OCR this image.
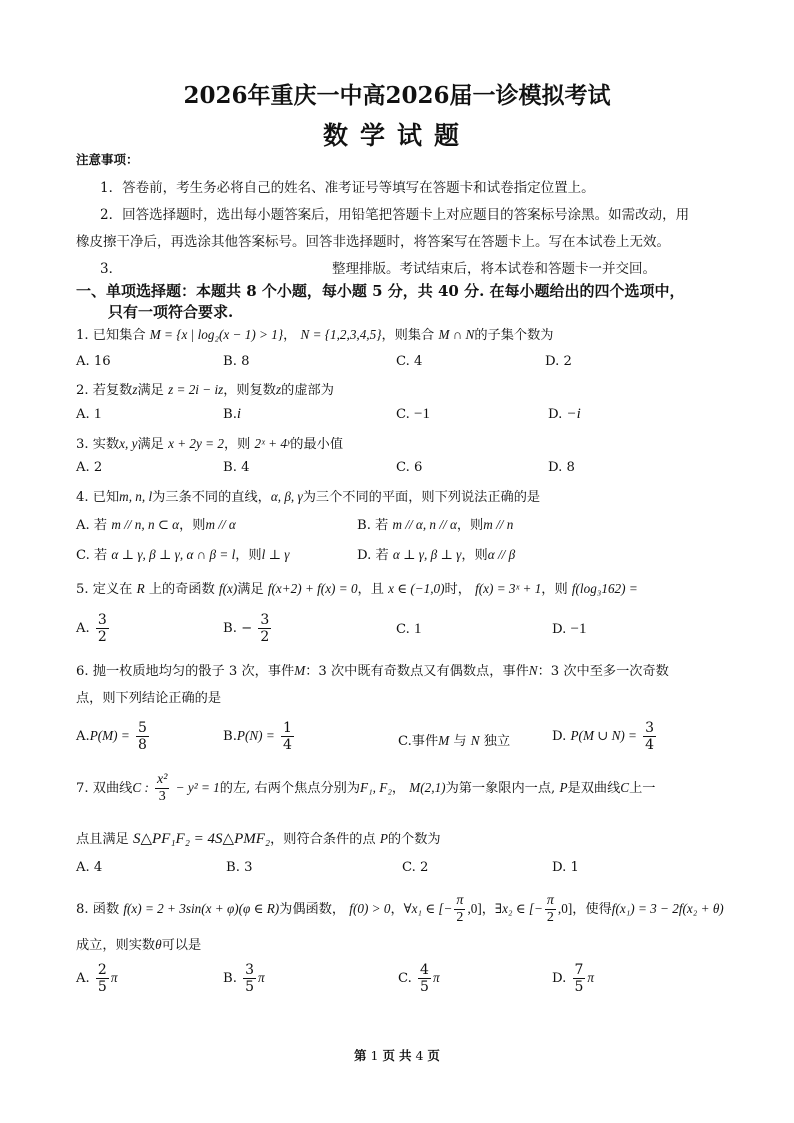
2026年重庆一中高2026届一诊模拟考试
数学试题
注意事项：
1．答卷前，考生务必将自己的姓名、准考证号等填写在答题卡和试卷指定位置上。
2．回答选择题时，选出每小题答案后，用铅笔把答题卡上对应题目的答案标号涂黑。如需改动，用
橡皮擦干净后，再选涂其他答案标号。回答非选择题时，将答案写在答题卡上。写在本试卷上无效。
3．	整理排版。考试结束后，将本试卷和答题卡一并交回。
一、单项选择题：本题共 8 个小题，每小题 5 分，共 40 分. 在每小题给出的四个选项中，
只有一项符合要求.
1. 已知集合 M = {x | log₂(x − 1) > 1}， N = {1,2,3,4,5}，则集合 M ∩ N的子集个数为
A. 16	B. 8	C. 4	D. 2
2. 若复数z满足 z = 2i − iz，则复数z的虚部为
A. 1	B.i	C. −1	D. −i
3. 实数x, y满足 x + 2y = 2，则 2ˣ + 4ʸ的最小值
A. 2	B. 4	C. 6	D. 8
4. 已知m, n, l为三条不同的直线，α, β, γ为三个不同的平面，则下列说法正确的是
A. 若 m // n, n ⊂ α，则m // α	B. 若 m // α, n // α，则m // n
C. 若 α ⊥ γ, β ⊥ γ, α ∩ β = l，则l ⊥ γ	D. 若 α ⊥ γ, β ⊥ γ，则α // β
5. 定义在 R 上的奇函数 f(x)满足 f(x+2) + f(x) = 0，且 x ∈ (−1,0)时， f(x) = 3ˣ + 1，则 f(log₃162) =
A. $\frac{3}{2}$	B. − $\frac{3}{2}$	C. 1	D. −1
6. 抛一枚质地均匀的骰子 3 次，事件M：3 次中既有奇数点又有偶数点，事件N：3 次中至多一次奇数
点，则下列结论正确的是
$A.P(M) = \frac{5}{8}$	$B.P(N) = \frac{1}{4}$	C.事件M 与 N 独立	D. P(M ∪ $N) = \frac{3}{4}$
7. 双曲线C : $\frac{\text{x²}}{3} - y^2 = 1$的左, 右两个焦点分别为F₁, F₂， M(2,1)为第一象限内一点, P是双曲线C上一
点且满足 S△PF₁F₂ = 4S△PMF₂，则符合条件的点 P的个数为
A. 4	B. 3	C. 2	D. 1
8. 函数 f(x) = 2 + 3sin(x + φ)(φ ∈ R)为偶函数， f(0) > 0，∀x₁ ∈ [− $\frac{\pi}{2} ,0$]，∃x₂ ∈ [− $\frac{\pi}{2} ,0$]，使得f(x₁) = 3 − 2f(x₂ + θ)
成立，则实数θ可以是
A. $\frac{2}{5}$ π	B. $\frac{3}{5}$ π	C. $\frac{4}{5}$ π	D. $\frac{7}{5}$ π
第 1 页 共 4 页
